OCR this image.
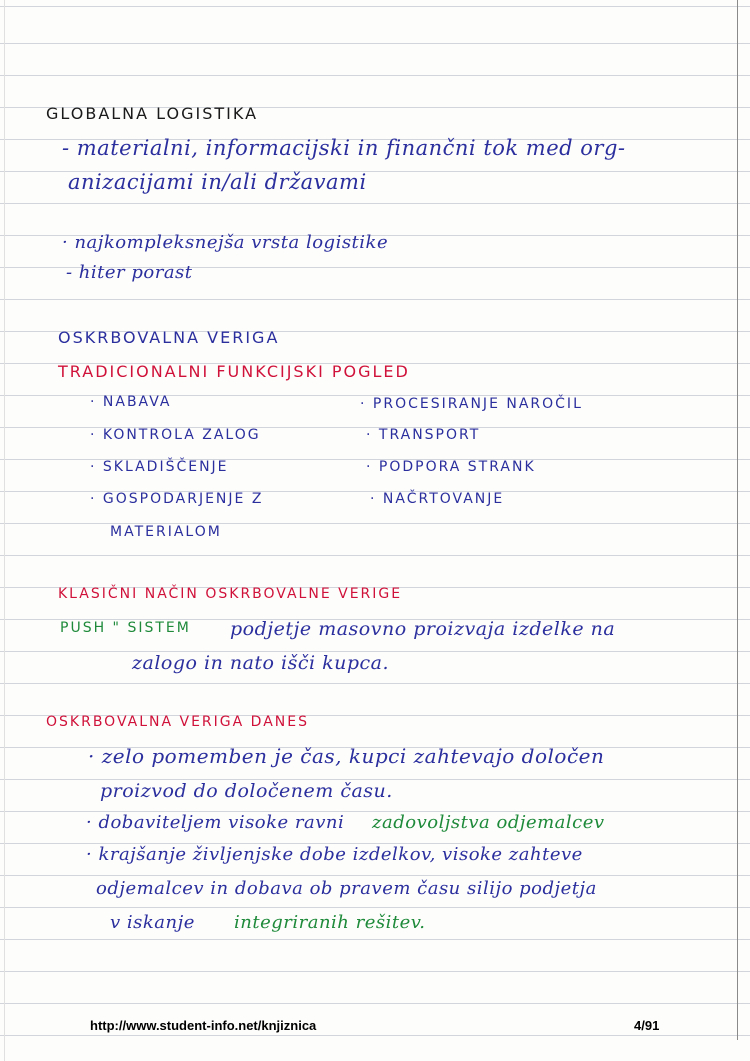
GLOBALNA LOGISTIKA
- materialni, informacijski in finančni tok med org-
anizacijami in/ali državami
· najkompleksnejša vrsta logistike
- hiter porast
OSKRBOVALNA VERIGA
TRADICIONALNI FUNKCIJSKI POGLED
· NABAVA
· KONTROLA ZALOG
· SKLADIŠČENJE
· GOSPODARJENJE Z
MATERIALOM
· PROCESIRANJE NAROČIL
· TRANSPORT
· PODPORA STRANK
· NAČRTOVANJE
KLASIČNI NAČIN OSKRBOVALNE VERIGE
PUSH " SISTEM podjetje masovno proizvaja izdelke na
zalogo in nato išči kupca.
OSKRBOVALNA VERIGA DANES
· zelo pomemben je čas, kupci zahtevajo določen
proizvod do določenem času.
· dobaviteljem visoke ravni zadovoljstva odjemalcev
· krajšanje življenjske dobe izdelkov, visoke zahteve
odjemalcev in dobava ob pravem času silijo podjetja
v iskanje integriranih rešitev.
http://www.student-info.net/knjiznica	4/91
